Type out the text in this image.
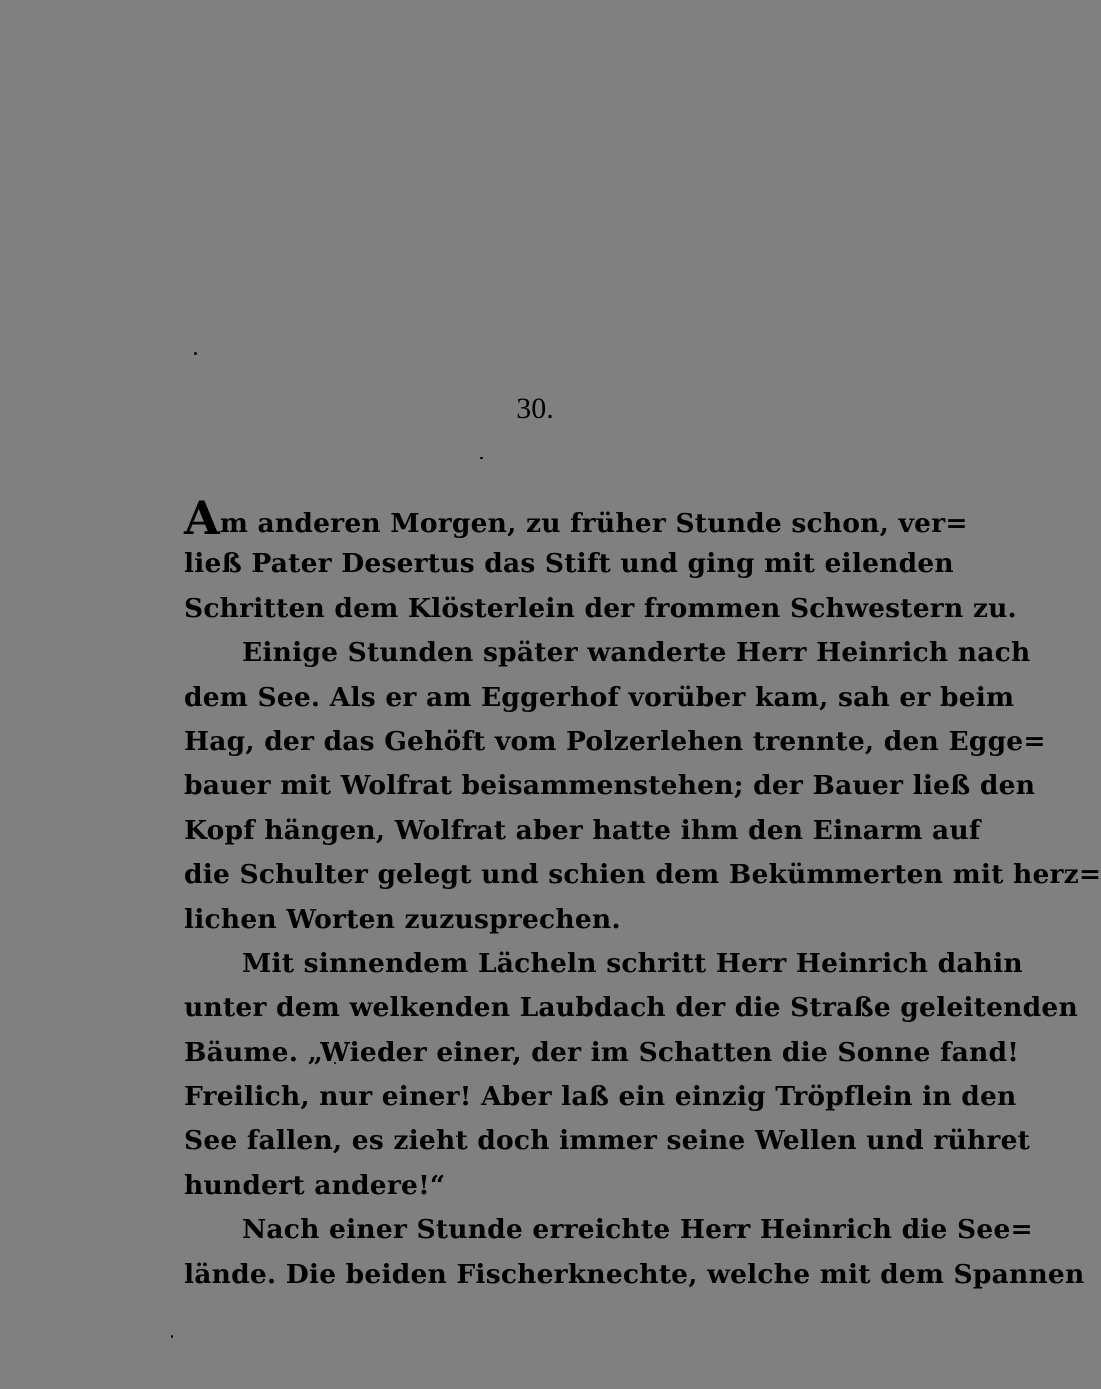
30.
Am anderen Morgen, zu früher Stunde schon, ver=
ließ Pater Desertus das Stift und ging mit eilenden
Schritten dem Klösterlein der frommen Schwestern zu.
Einige Stunden später wanderte Herr Heinrich nach
dem See. Als er am Eggerhof vorüber kam, sah er beim
Hag, der das Gehöft vom Polzerlehen trennte, den Egge=
bauer mit Wolfrat beisammenstehen; der Bauer ließ den
Kopf hängen, Wolfrat aber hatte ihm den Einarm auf
die Schulter gelegt und schien dem Bekümmerten mit herz=
lichen Worten zuzusprechen.
Mit sinnendem Lächeln schritt Herr Heinrich dahin
unter dem welkenden Laubdach der die Straße geleitenden
Bäume. „Wieder einer, der im Schatten die Sonne fand!
Freilich, nur einer! Aber laß ein einzig Tröpflein in den
See fallen, es zieht doch immer seine Wellen und rühret
hundert andere!“
Nach einer Stunde erreichte Herr Heinrich die See=
lände. Die beiden Fischerknechte, welche mit dem Spannen
